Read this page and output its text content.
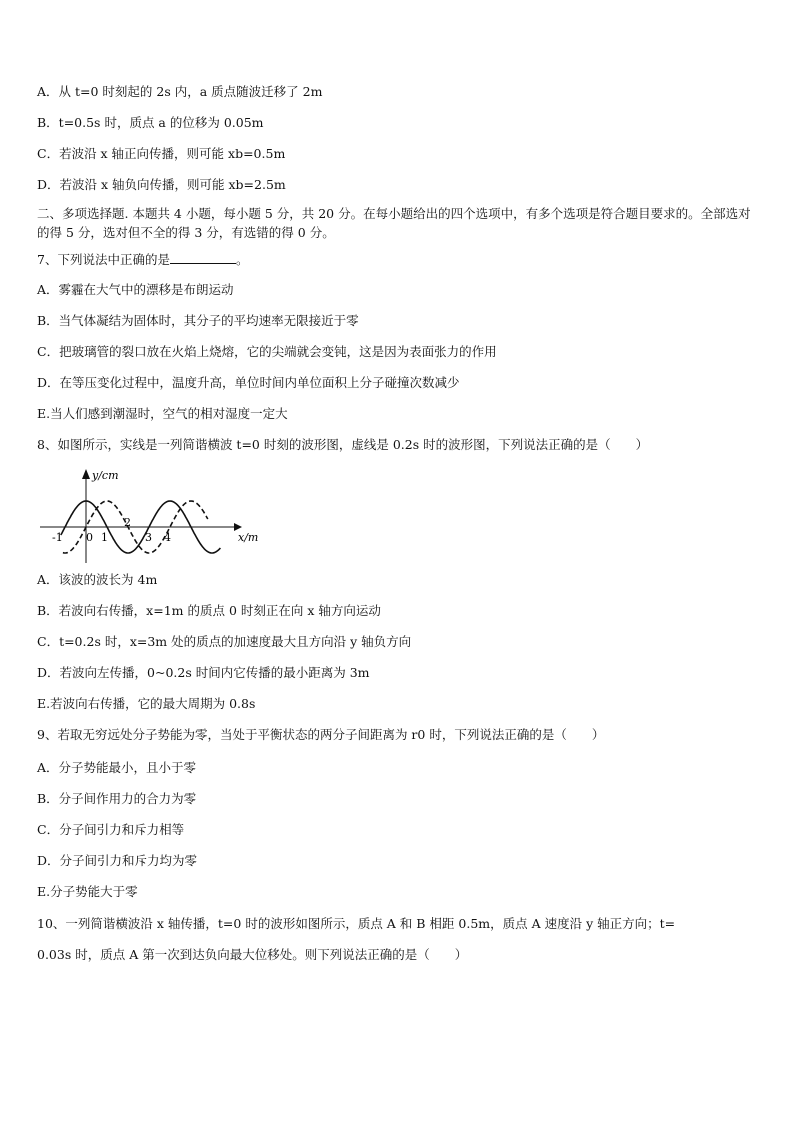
A．从 t=0 时刻起的 2s 内，a 质点随波迁移了 2m
B．t=0.5s 时，质点 a 的位移为 0.05m
C．若波沿 x 轴正向传播，则可能 xb=0.5m
D．若波沿 x 轴负向传播，则可能 xb=2.5m
二、多项选择题. 本题共 4 小题，每小题 5 分，共 20 分。在每小题给出的四个选项中，有多个选项是符合题目要求的。全部选对的得 5 分，选对但不全的得 3 分，有选错的得 0 分。
7、下列说法中正确的是	。
A．雾霾在大气中的漂移是布朗运动
B．当气体凝结为固体时，其分子的平均速率无限接近于零
C．把玻璃管的裂口放在火焰上烧熔，它的尖端就会变钝，这是因为表面张力的作用
D．在等压变化过程中，温度升高，单位时间内单位面积上分子碰撞次数减少
E.当人们感到潮湿时，空气的相对湿度一定大
8、如图所示，实线是一列简谐横波 t=0 时刻的波形图，虚线是 0.2s 时的波形图，下列说法正确的是（　　）
y/cm
x/m
-1 0 1
2
3 4
A．该波的波长为 4m
B．若波向右传播，x=1m 的质点 0 时刻正在向 x 轴方向运动
C．t=0.2s 时，x=3m 处的质点的加速度最大且方向沿 y 轴负方向
D．若波向左传播，0~0.2s 时间内它传播的最小距离为 3m
E.若波向右传播，它的最大周期为 0.8s
9、若取无穷远处分子势能为零，当处于平衡状态的两分子间距离为 r0 时，下列说法正确的是（　　）
A．分子势能最小，且小于零
B．分子间作用力的合力为零
C．分子间引力和斥力相等
D．分子间引力和斥力均为零
E.分子势能大于零
10、一列简谐横波沿 x 轴传播，t=0 时的波形如图所示，质点 A 和 B 相距 0.5m，质点 A 速度沿 y 轴正方向；t=
0.03s 时，质点 A 第一次到达负向最大位移处。则下列说法正确的是（　　）
